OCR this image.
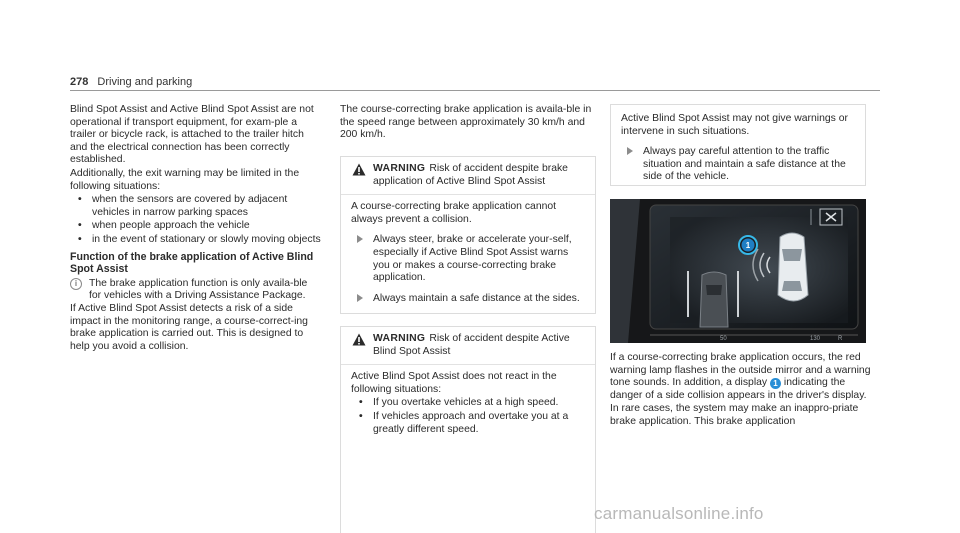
278 Driving and parking

Blind Spot Assist and Active Blind Spot Assist are not operational if transport equipment, for exam-ple a trailer or bicycle rack, is attached to the trailer hitch and the electrical connection has been correctly established.

Additionally, the exit warning may be limited in the following situations:

• when the sensors are covered by adjacent vehicles in narrow parking spaces
• when people approach the vehicle
• in the event of stationary or slowly moving objects
Function of the brake application of Active Blind Spot Assist
i	The brake application function is only availa-ble for vehicles with a Driving Assistance Package.

If Active Blind Spot Assist detects a risk of a side impact in the monitoring range, a course-correct-ing brake application is carried out. This is designed to help you avoid a collision.

The course-correcting brake application is availa-ble in the speed range between approximately 30 km/h and 200 km/h.

WARNING Risk of accident despite brake application of Active Blind Spot Assist

A course-correcting brake application cannot always prevent a collision.

Always steer, brake or accelerate your-self, especially if Active Blind Spot Assist warns you or makes a course-correcting brake application.
Always maintain a safe distance at the sides.
WARNING Risk of accident despite Active Blind Spot Assist

Active Blind Spot Assist does not react in the following situations:

• If you overtake vehicles at a high speed.
• If vehicles approach and overtake you at a greatly different speed.

Active Blind Spot Assist may not give warnings or intervene in such situations.

Always pay careful attention to the traffic situation and maintain a safe distance at the side of the vehicle.
1
50	130	R

If a course-correcting brake application occurs, the red warning lamp flashes in the outside mirror and a warning tone sounds. In addition, a display 1 indicating the danger of a side collision appears in the driver's display.

In rare cases, the system may make an inappro-priate brake application. This brake application

carmanualsonline.info
